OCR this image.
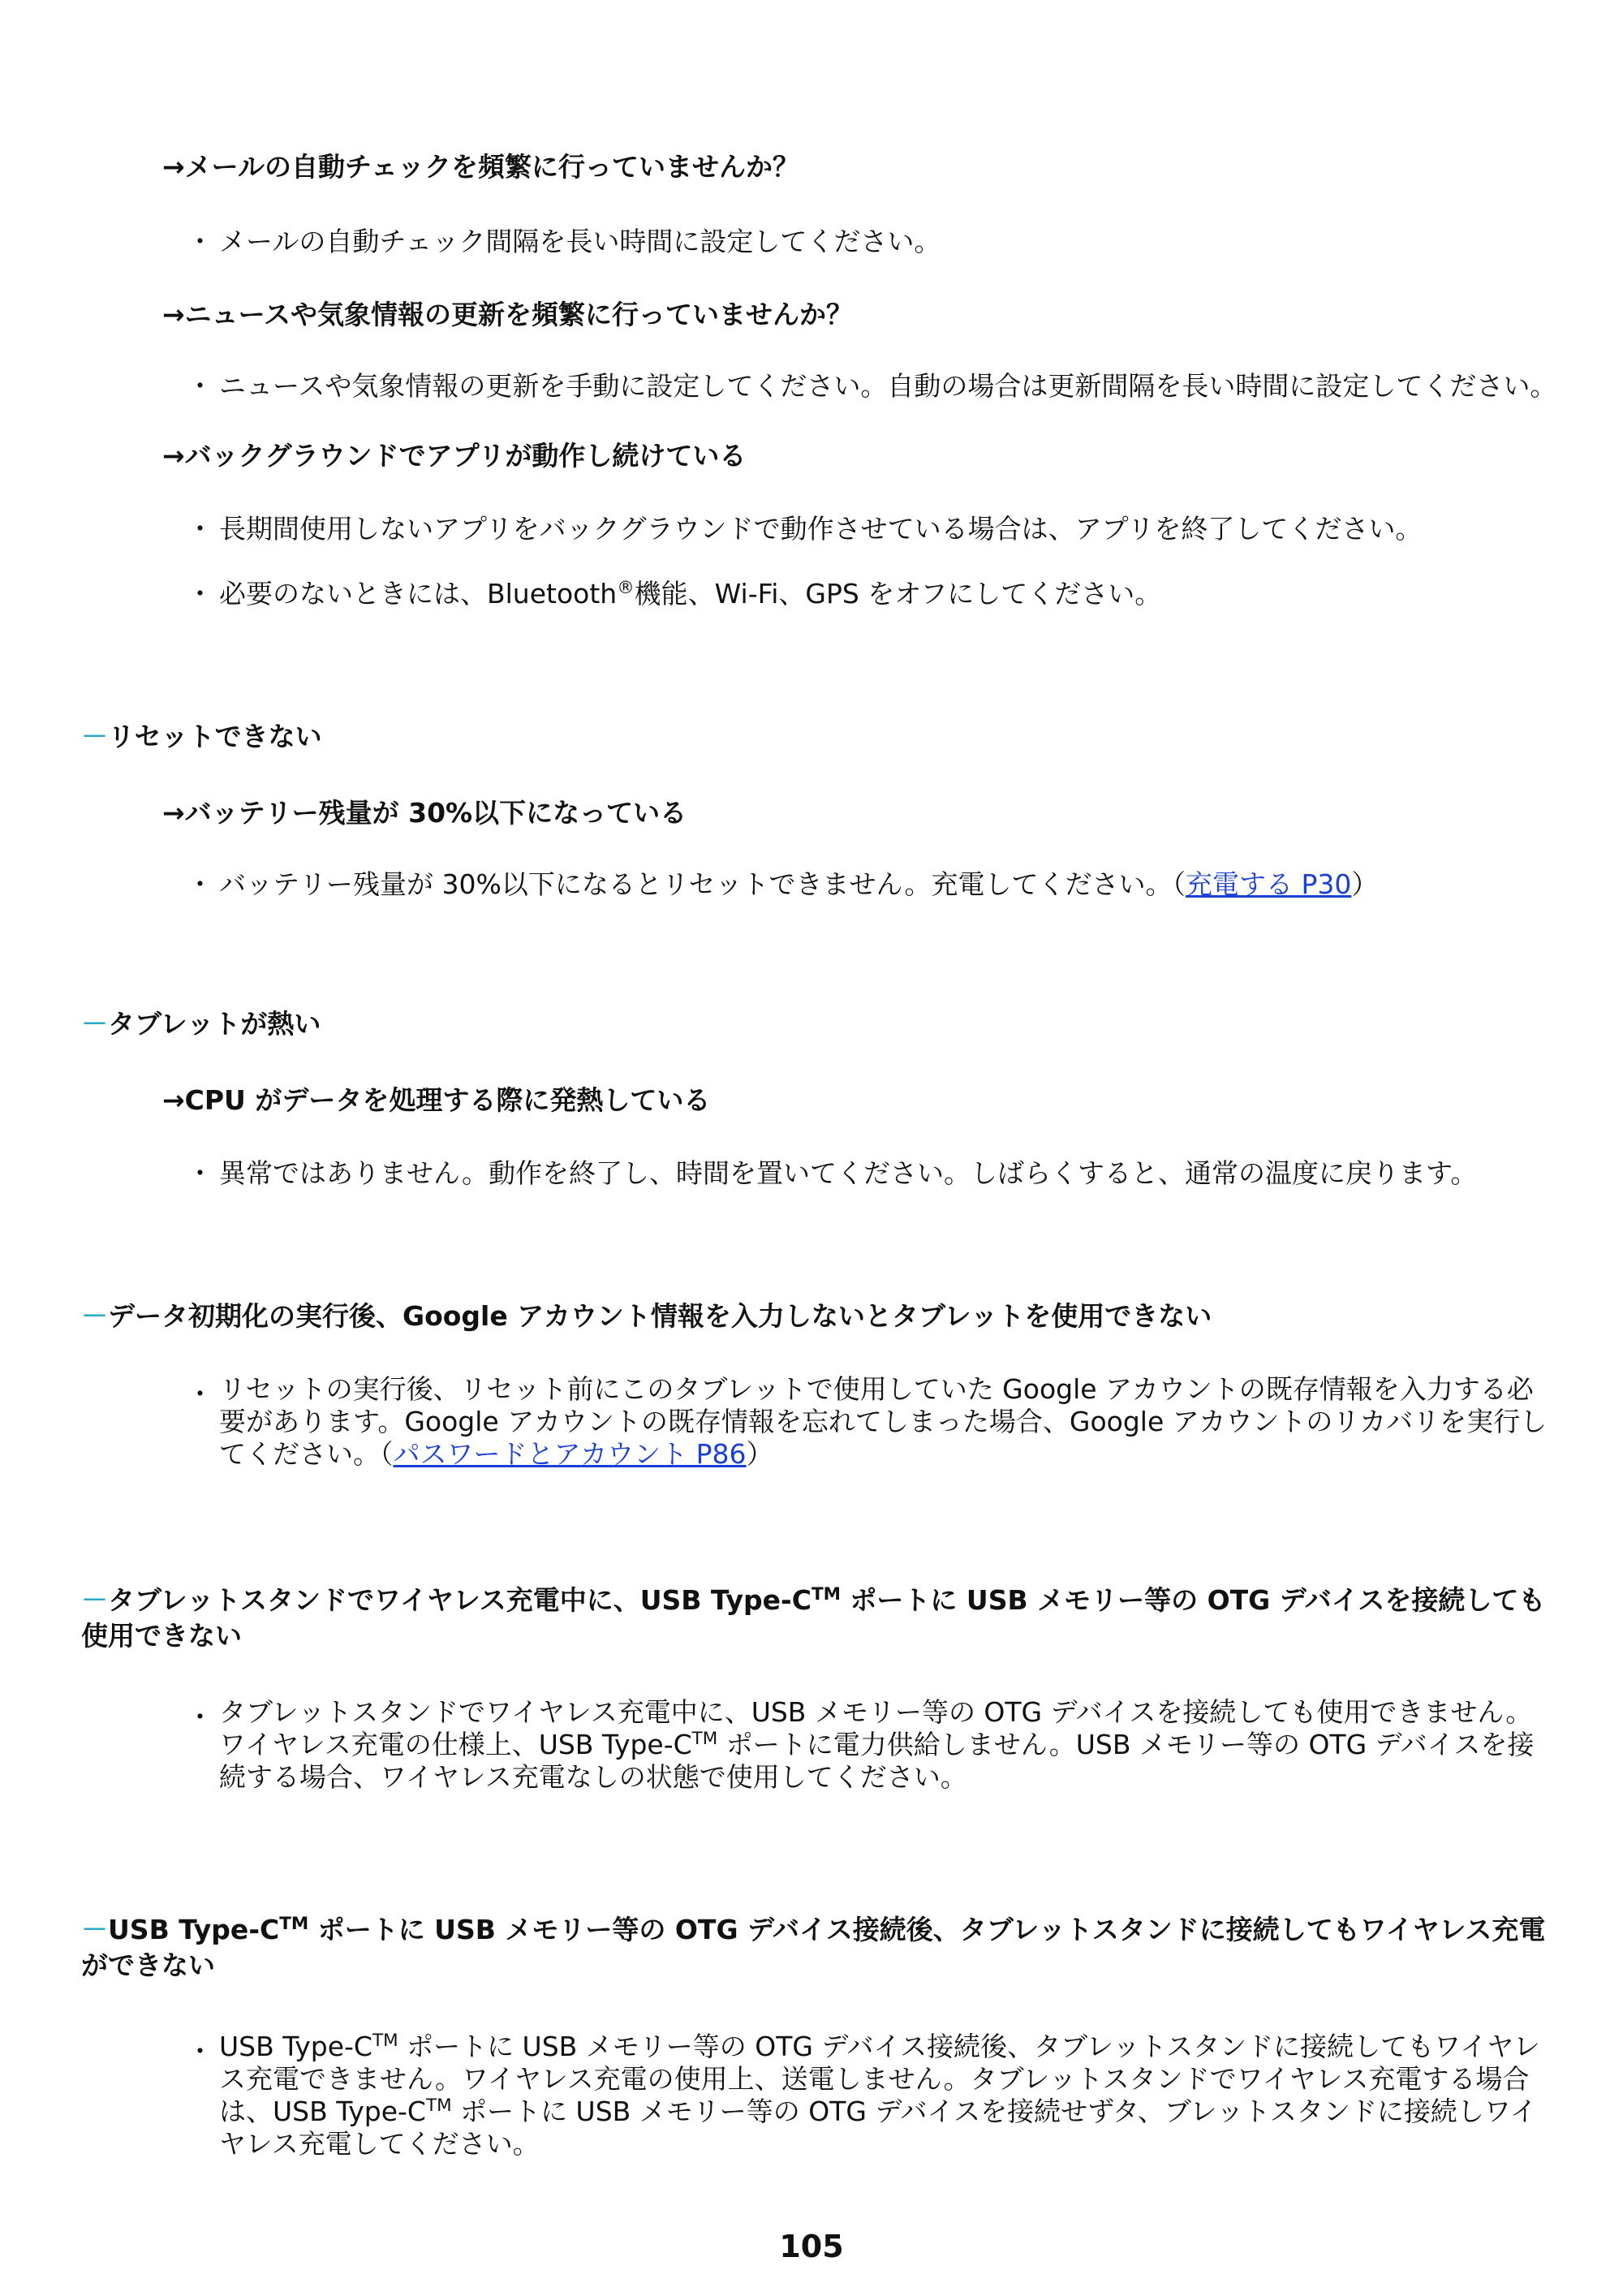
→メールの自動チェックを頻繁に行っていませんか？
・ メールの自動チェック間隔を長い時間に設定してください。
→ニュースや気象情報の更新を頻繁に行っていませんか？
・ ニュースや気象情報の更新を手動に設定してください。自動の場合は更新間隔を長い時間に設定してください。
→バックグラウンドでアプリが動作し続けている
・ 長期間使用しないアプリをバックグラウンドで動作させている場合は、アプリを終了してください。
・ 必要のないときには、Bluetooth®機能、Wi-Fi、GPS をオフにしてください。
－リセットできない
→バッテリー残量が 30%以下になっている
・ バッテリー残量が 30%以下になるとリセットできません。充電してください。（充電する P30）
－タブレットが熱い
→CPU がデータを処理する際に発熱している
・ 異常ではありません。動作を終了し、時間を置いてください。しばらくすると、通常の温度に戻ります。
－データ初期化の実行後、Google アカウント情報を入力しないとタブレットを使用できない
・ リセットの実行後、リセット前にこのタブレットで使用していた Google アカウントの既存情報を入力する必要があります。Google アカウントの既存情報を忘れてしまった場合、Google アカウントのリカバリを実行してください。（パスワードとアカウント P86）
－タブレットスタンドでワイヤレス充電中に、USB Type-C™ ポートに USB メモリー等の OTG デバイスを接続しても使用できない
・ タブレットスタンドでワイヤレス充電中に、USB メモリー等の OTG デバイスを接続しても使用できません。ワイヤレス充電の仕様上、USB Type-C™ ポートに電力供給しません。USB メモリー等の OTG デバイスを接続する場合、ワイヤレス充電なしの状態で使用してください。
－USB Type-C™ ポートに USB メモリー等の OTG デバイス接続後、タブレットスタンドに接続してもワイヤレス充電ができない
・ USB Type-C™ ポートに USB メモリー等の OTG デバイス接続後、タブレットスタンドに接続してもワイヤレス充電できません。ワイヤレス充電の使用上、送電しません。タブレットスタンドでワイヤレス充電する場合は、USB Type-C™ ポートに USB メモリー等の OTG デバイスを接続せずタ、ブレットスタンドに接続しワイヤレス充電してください。
105
